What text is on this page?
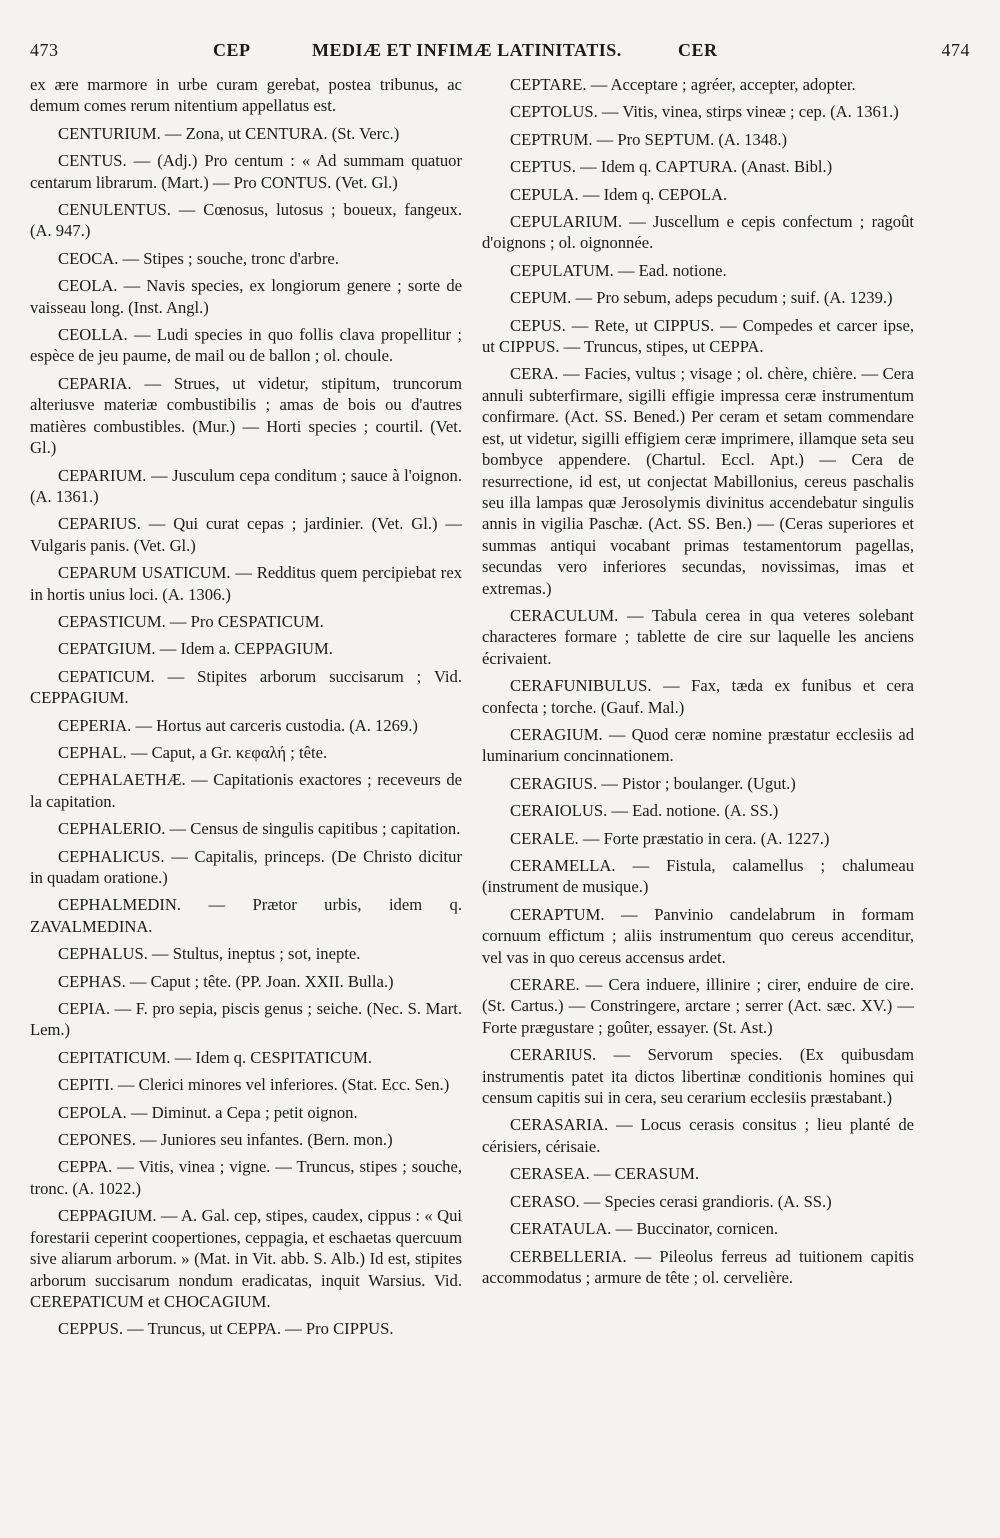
473	CEP	MEDIÆ ET INFIMÆ LATINITATIS.	CER	474

ex ære marmore in urbe curam gerebat, postea tribunus, ac demum comes rerum nitentium appellatus est.

CENTURIUM. — Zona, ut CENTURA. (St. Verc.)

CENTUS. — (Adj.) Pro centum : « Ad summam quatuor centarum librarum. (Mart.) — Pro CONTUS. (Vet. Gl.)

CENULENTUS. — Cœnosus, lutosus ; boueux, fangeux. (A. 947.)

CEOCA. — Stipes ; souche, tronc d'arbre.

CEOLA. — Navis species, ex longiorum genere ; sorte de vaisseau long. (Inst. Angl.)

CEOLLA. — Ludi species in quo follis clava propellitur ; espèce de jeu paume, de mail ou de ballon ; ol. choule.

CEPARIA. — Strues, ut videtur, stipitum, truncorum alteriusve materiæ combustibilis ; amas de bois ou d'autres matières combustibles. (Mur.) — Horti species ; courtil. (Vet. Gl.)

CEPARIUM. — Jusculum cepa conditum ; sauce à l'oignon. (A. 1361.)

CEPARIUS. — Qui curat cepas ; jardinier. (Vet. Gl.) — Vulgaris panis. (Vet. Gl.)

CEPARUM USATICUM. — Redditus quem percipiebat rex in hortis unius loci. (A. 1306.)

CEPASTICUM. — Pro CESPATICUM.

CEPATGIUM. — Idem a. CEPPAGIUM.

CEPATICUM. — Stipites arborum succisarum ; Vid. CEPPAGIUM.

CEPERIA. — Hortus aut carceris custodia. (A. 1269.)

CEPHAL. — Caput, a Gr. κεφαλή ; tête.

CEPHALAETHÆ. — Capitationis exactores ; receveurs de la capitation.

CEPHALERIO. — Census de singulis capitibus ; capitation.

CEPHALICUS. — Capitalis, princeps. (De Christo dicitur in quadam oratione.)

CEPHALMEDIN. — Prætor urbis, idem q. ZAVALMEDINA.

CEPHALUS. — Stultus, ineptus ; sot, inepte.

CEPHAS. — Caput ; tête. (PP. Joan. XXII. Bulla.)

CEPIA. — F. pro sepia, piscis genus ; seiche. (Nec. S. Mart. Lem.)

CEPITATICUM. — Idem q. CESPITATICUM.

CEPITI. — Clerici minores vel inferiores. (Stat. Ecc. Sen.)

CEPOLA. — Diminut. a Cepa ; petit oignon.

CEPONES. — Juniores seu infantes. (Bern. mon.)

CEPPA. — Vitis, vinea ; vigne. — Truncus, stipes ; souche, tronc. (A. 1022.)

CEPPAGIUM. — A. Gal. cep, stipes, caudex, cippus : « Qui forestarii ceperint coopertiones, ceppagia, et eschaetas quercuum sive aliarum arborum. » (Mat. in Vit. abb. S. Alb.) Id est, stipites arborum succisarum nondum eradicatas, inquit Warsius. Vid. CEREPATICUM et CHOCAGIUM.

CEPPUS. — Truncus, ut CEPPA. — Pro CIPPUS.

CEPTARE. — Acceptare ; agréer, accepter, adopter.

CEPTOLUS. — Vitis, vinea, stirps vineæ ; cep. (A. 1361.)

CEPTRUM. — Pro SEPTUM. (A. 1348.)

CEPTUS. — Idem q. CAPTURA. (Anast. Bibl.)

CEPULA. — Idem q. CEPOLA.

CEPULARIUM. — Juscellum e cepis confectum ; ragoût d'oignons ; ol. oignonnée.

CEPULATUM. — Ead. notione.

CEPUM. — Pro sebum, adeps pecudum ; suif. (A. 1239.)

CEPUS. — Rete, ut CIPPUS. — Compedes et carcer ipse, ut CIPPUS. — Truncus, stipes, ut CEPPA.

CERA. — Facies, vultus ; visage ; ol. chère, chière. — Cera annuli subterfirmare, sigilli effigie impressa ceræ instrumentum confirmare. (Act. SS. Bened.) Per ceram et setam commendare est, ut videtur, sigilli effigiem ceræ imprimere, illamque seta seu bombyce appendere. (Chartul. Eccl. Apt.) — Cera de resurrectione, id est, ut conjectat Mabillonius, cereus paschalis seu illa lampas quæ Jerosolymis divinitus accendebatur singulis annis in vigilia Paschæ. (Act. SS. Ben.) — (Ceras superiores et summas antiqui vocabant primas testamentorum pagellas, secundas vero inferiores secundas, novissimas, imas et extremas.)

CERACULUM. — Tabula cerea in qua veteres solebant characteres formare ; tablette de cire sur laquelle les anciens écrivaient.

CERAFUNIBULUS. — Fax, tæda ex funibus et cera confecta ; torche. (Gauf. Mal.)

CERAGIUM. — Quod ceræ nomine præstatur ecclesiis ad luminarium concinnationem.

CERAGIUS. — Pistor ; boulanger. (Ugut.)

CERAIOLUS. — Ead. notione. (A. SS.)

CERALE. — Forte præstatio in cera. (A. 1227.)

CERAMELLA. — Fistula, calamellus ; chalumeau (instrument de musique.)

CERAPTUM. — Panvinio candelabrum in formam cornuum effictum ; aliis instrumentum quo cereus accenditur, vel vas in quo cereus accensus ardet.

CERARE. — Cera induere, illinire ; cirer, enduire de cire. (St. Cartus.) — Constringere, arctare ; serrer (Act. sæc. XV.) — Forte prægustare ; goûter, essayer. (St. Ast.)

CERARIUS. — Servorum species. (Ex quibusdam instrumentis patet ita dictos libertinæ conditionis homines qui censum capitis sui in cera, seu cerarium ecclesiis præstabant.)

CERASARIA. — Locus cerasis consitus ; lieu planté de cérisiers, cérisaie.

CERASEA. — CERASUM.

CERASO. — Species cerasi grandioris. (A. SS.)

CERATAULA. — Buccinator, cornicen.

CERBELLERIA. — Pileolus ferreus ad tuitionem capitis accommodatus ; armure de tête ; ol. cervelière.
